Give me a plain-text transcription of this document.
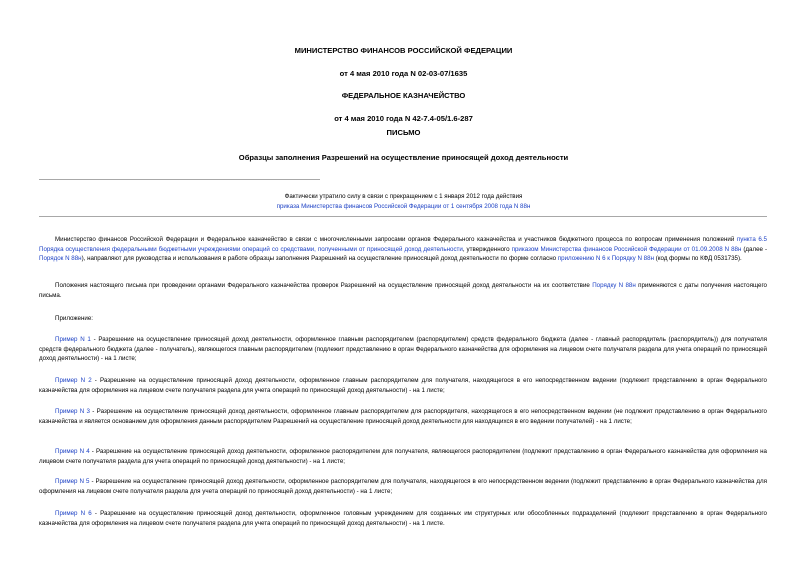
МИНИСТЕРСТВО ФИНАНСОВ РОССИЙСКОЙ ФЕДЕРАЦИИ
от 4 мая 2010 года N 02-03-07/1635
ФЕДЕРАЛЬНОЕ КАЗНАЧЕЙСТВО
от 4 мая 2010 года N 42-7.4-05/1.6-287
ПИСЬМО
Образцы заполнения Разрешений на осуществление приносящей доход деятельности
Фактически утратило силу в связи с прекращением с 1 января 2012 года действия
приказа Министерства финансов Российской Федерации от 1 сентября 2008 года N 88н

Министерство финансов Российской Федерации и Федеральное казначейство в связи с многочисленными запросами органов Федерального казначейства и участников бюджетного процесса по вопросам применения положений пункта 6.5 Порядка осуществления федеральными бюджетными учреждениями операций со средствами, полученными от приносящей доход деятельности, утвержденного приказом Министерства финансов Российской Федерации от 01.09.2008 N 88н (далее - Порядок N 88н), направляют для руководства и использования в работе образцы заполнения Разрешений на осуществление приносящей доход деятельности по форме согласно приложению N 6 к Порядку N 88н (код формы по КФД 0531735).

Положения настоящего письма при проведении органами Федерального казначейства проверок Разрешений на осуществление приносящей доход деятельности на их соответствие Порядку N 88н применяются с даты получения настоящего письма.

Приложение:

Пример N 1 - Разрешение на осуществление приносящей доход деятельности, оформленное главным распорядителем (распорядителем) средств федерального бюджета (далее - главный распорядитель (распорядитель)) для получателя средств федерального бюджета (далее - получатель), являющегося главным распорядителем (подлежит представлению в орган Федерального казначейства для оформления на лицевом счете получателя раздела для учета операций по приносящей доход деятельности) - на 1 листе;

Пример N 2 - Разрешение на осуществление приносящей доход деятельности, оформленное главным распорядителем для получателя, находящегося в его непосредственном ведении (подлежит представлению в орган Федерального казначейства для оформления на лицевом счете получателя раздела для учета операций по приносящей доход деятельности) - на 1 листе;

Пример N 3 - Разрешение на осуществление приносящей доход деятельности, оформленное главным распорядителем для распорядителя, находящегося в его непосредственном ведении (не подлежит представлению в орган Федерального казначейства и является основанием для оформления данным распорядителем Разрешений на осуществление приносящей доход деятельности для находящихся в его ведении получателей) - на 1 листе;

Пример N 4 - Разрешение на осуществление приносящей доход деятельности, оформленное распорядителем для получателя, являющегося распорядителем (подлежит представлению в орган Федерального казначейства для оформления на лицевом счете получателя раздела для учета операций по приносящей доход деятельности) - на 1 листе;

Пример N 5 - Разрешение на осуществление приносящей доход деятельности, оформленное распорядителем для получателя, находящегося в его непосредственном ведении (подлежит представлению в орган Федерального казначейства для оформления на лицевом счете получателя раздела для учета операций по приносящей доход деятельности) - на 1 листе;

Пример N 6 - Разрешение на осуществление приносящей доход деятельности, оформленное головным учреждением для созданных им структурных или обособленных подразделений (подлежит представлению в орган Федерального казначейства для оформления на лицевом счете получателя раздела для учета операций по приносящей доход деятельности) - на 1 листе.
